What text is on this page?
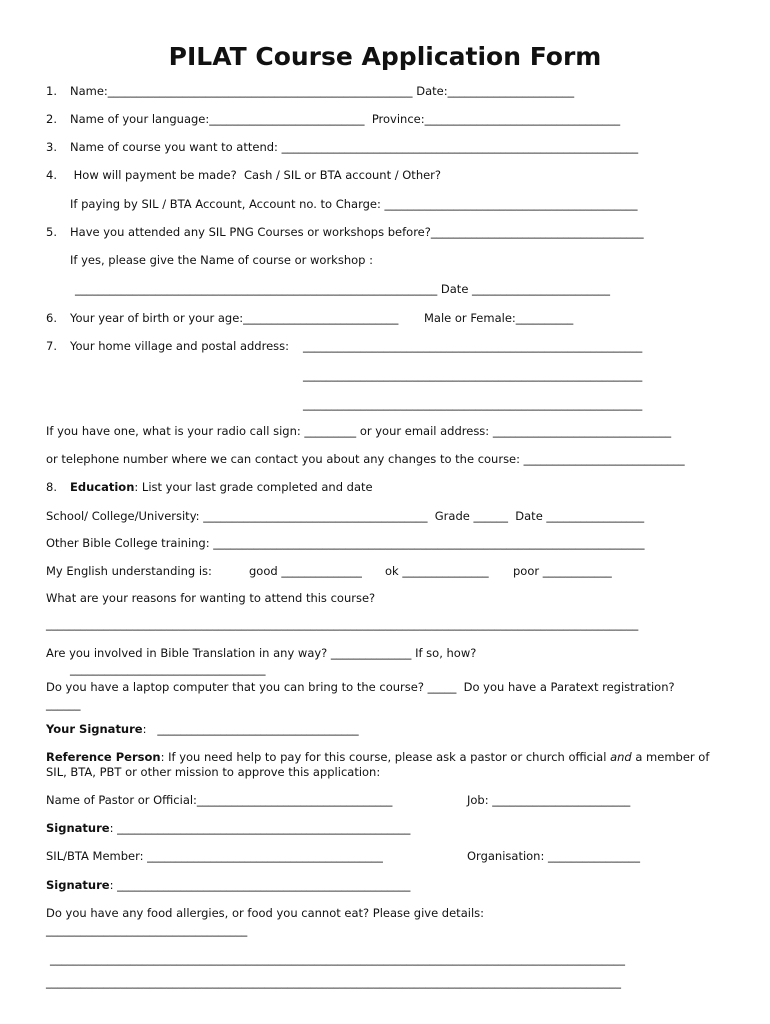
PILAT Course Application Form
1. Name:_____________________________________________________ Date:______________________
2. Name of your language:___________________________  Province:__________________________________
3. Name of course you want to attend: ______________________________________________________________
4. How will payment be made?  Cash / SIL or BTA account / Other?
If paying by SIL / BTA Account, Account no. to Charge: ____________________________________________
5. Have you attended any SIL PNG Courses or workshops before?_____________________________________
If yes, please give the Name of course or workshop :
_______________________________________________________________ Date ________________________
6. Your year of birth or your age:___________________________       Male or Female:__________
7. Your home village and postal address: ___________________________________________________________
___________________________________________________________
___________________________________________________________
If you have one, what is your radio call sign: _________ or your email address: _______________________________
or telephone number where we can contact you about any changes to the course: ____________________________
8. Education: List your last grade completed and date
School/ College/University: _______________________________________  Grade ______  Date _________________
Other Bible College training: ___________________________________________________________________________
My English understanding is:	good ______________ ok _______________ poor ____________
What are your reasons for wanting to attend this course?
_______________________________________________________________________________________________________
Are you involved in Bible Translation in any way? ______________ If so, how?
__________________________________
Do you have a laptop computer that you can bring to the course? _____  Do you have a Paratext registration?
______
Your Signature:   ___________________________________
Reference Person: If you need help to pay for this course, please ask a pastor or church official and a member of
SIL, BTA, PBT or other mission to approve this application:
Name of Pastor or Official:__________________________________	Job: ________________________
Signature: ___________________________________________________
SIL/BTA Member: _________________________________________	Organisation: ________________
Signature: ___________________________________________________
Do you have any food allergies, or food you cannot eat? Please give details:
___________________________________
____________________________________________________________________________________________________
____________________________________________________________________________________________________
